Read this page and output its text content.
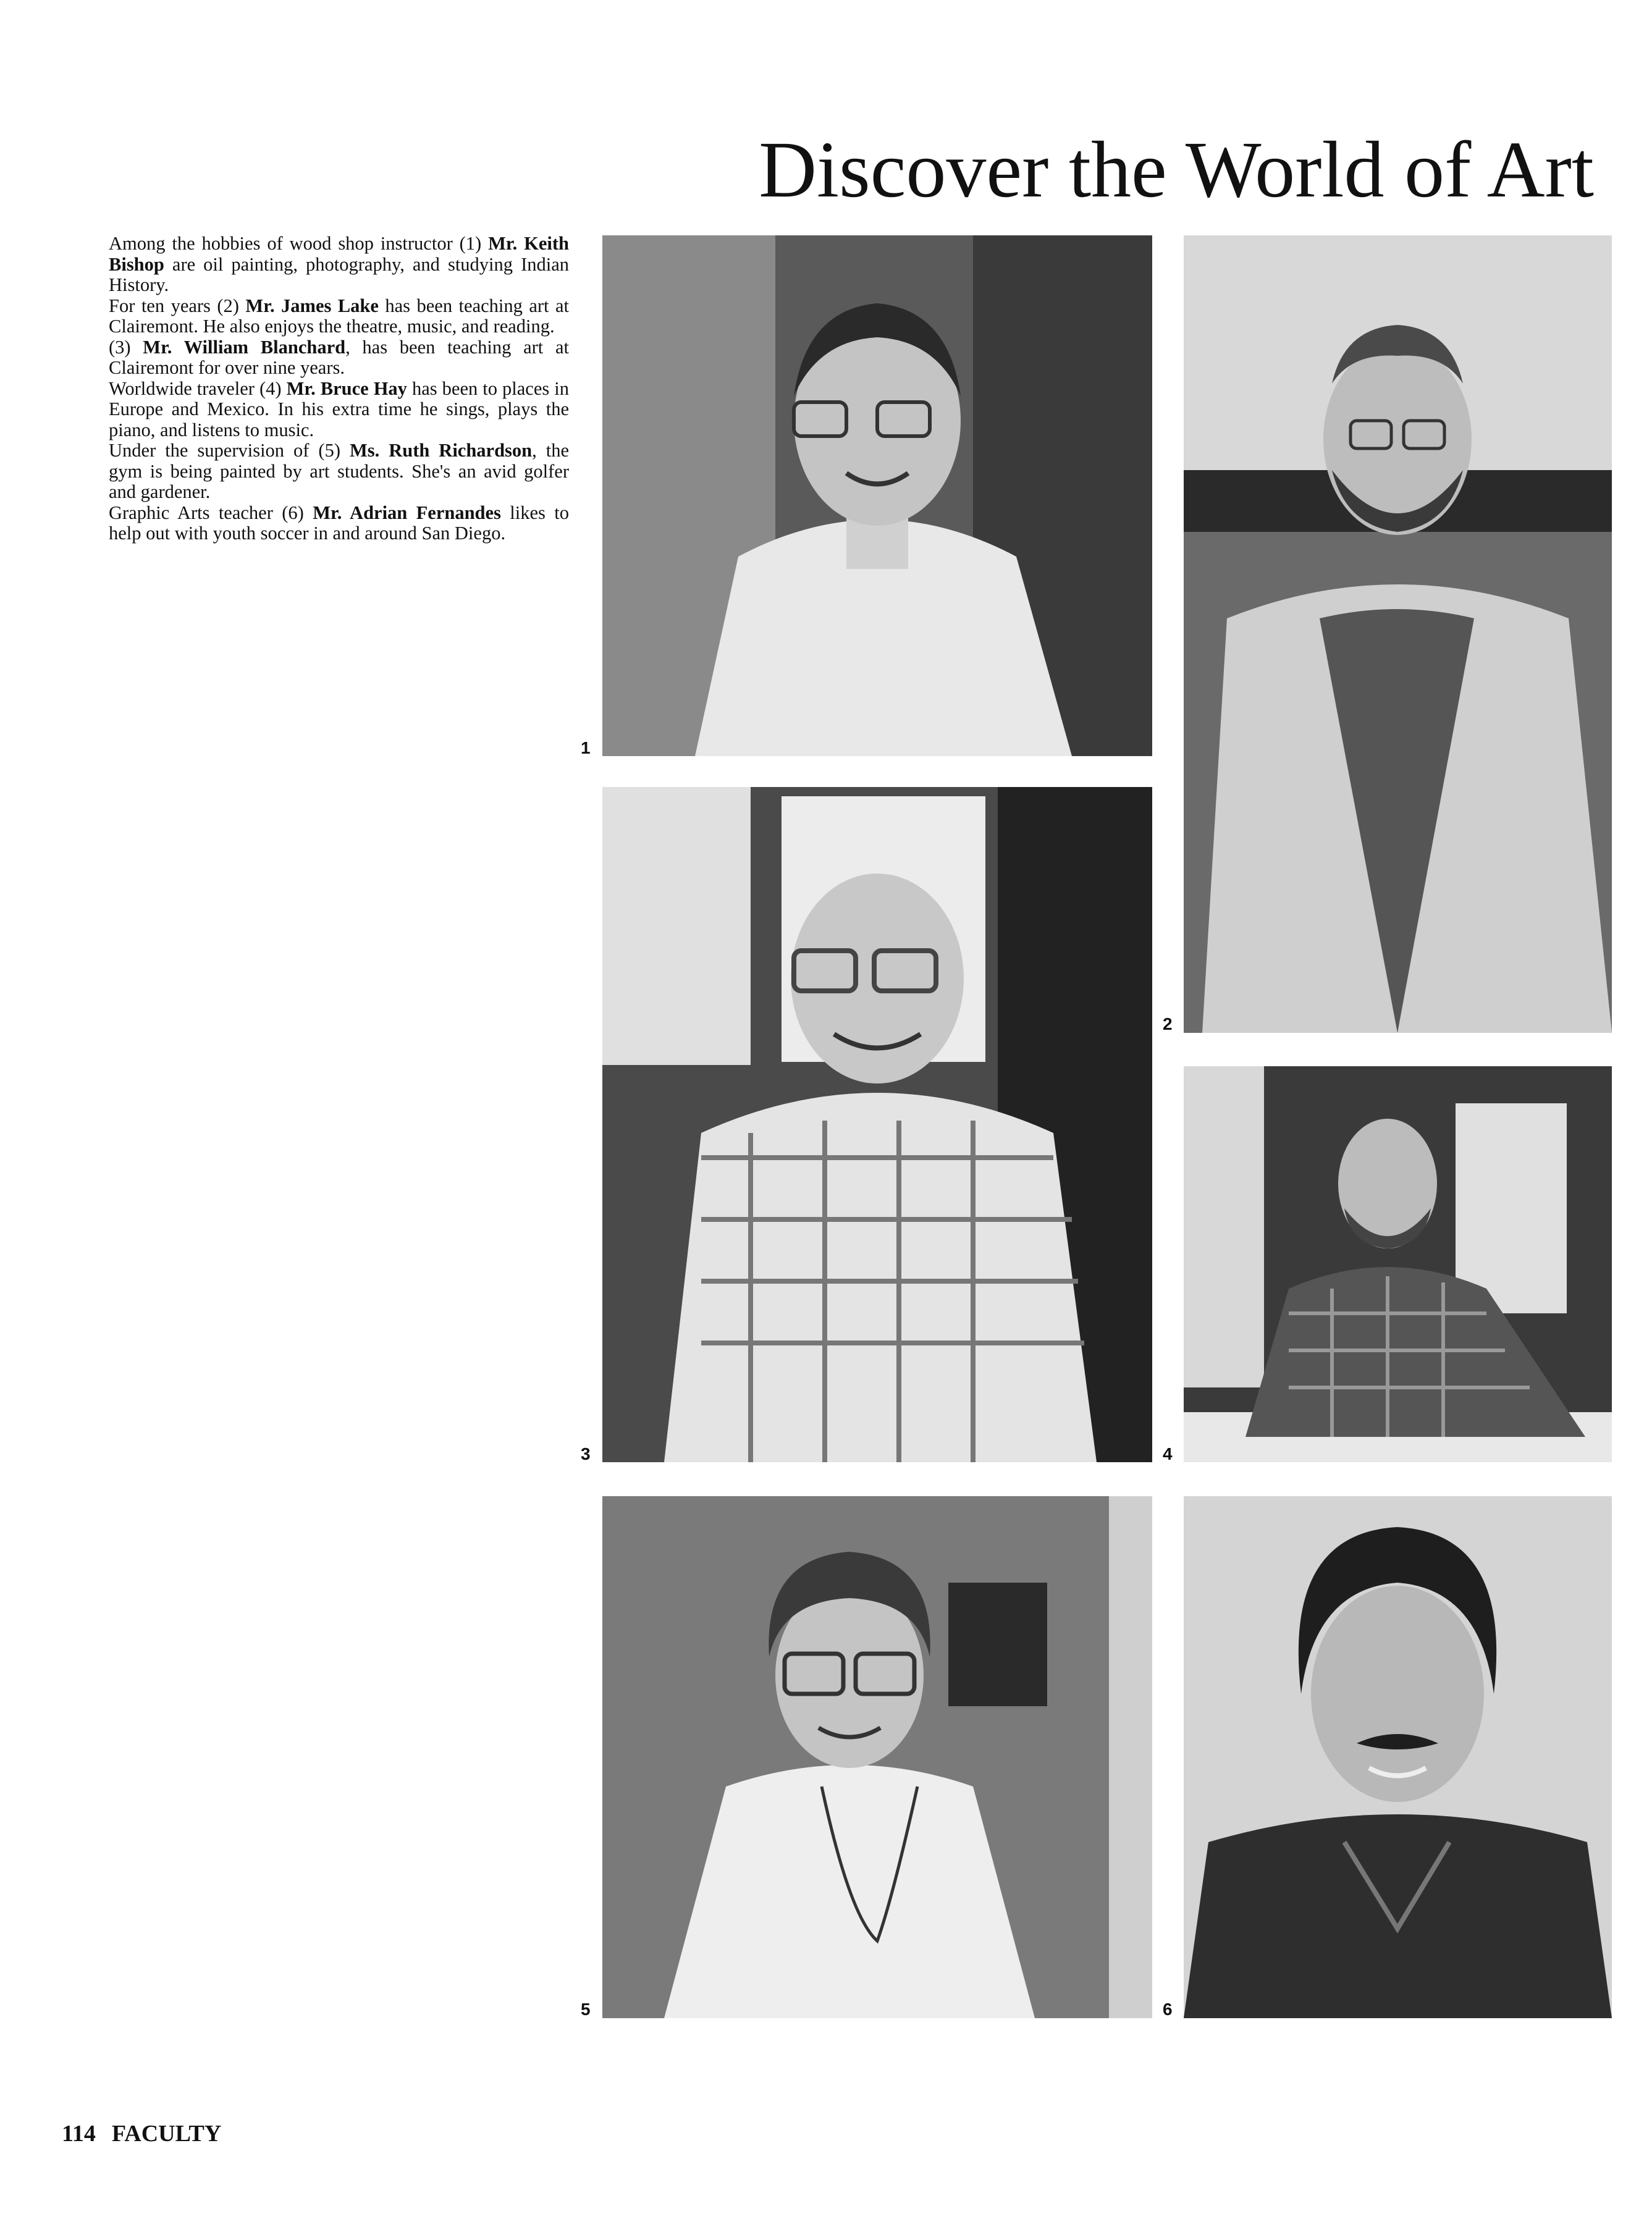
Discover the World of Art

Among the hobbies of wood shop instructor (1) Mr. Keith Bishop are oil painting, photography, and studying Indian History.

For ten years (2) Mr. James Lake has been teaching art at Clairemont. He also enjoys the theatre, music, and reading.

(3) Mr. William Blanchard, has been teaching art at Clairemont for over nine years.

Worldwide traveler (4) Mr. Bruce Hay has been to places in Europe and Mexico. In his extra time he sings, plays the piano, and listens to music.

Under the supervision of (5) Ms. Ruth Richardson, the gym is being painted by art students. She's an avid golfer and gardener.

Graphic Arts teacher (6) Mr. Adrian Fernandes likes to help out with youth soccer in and around San Diego.

1
2
3	4
5	6
114 FACULTY
